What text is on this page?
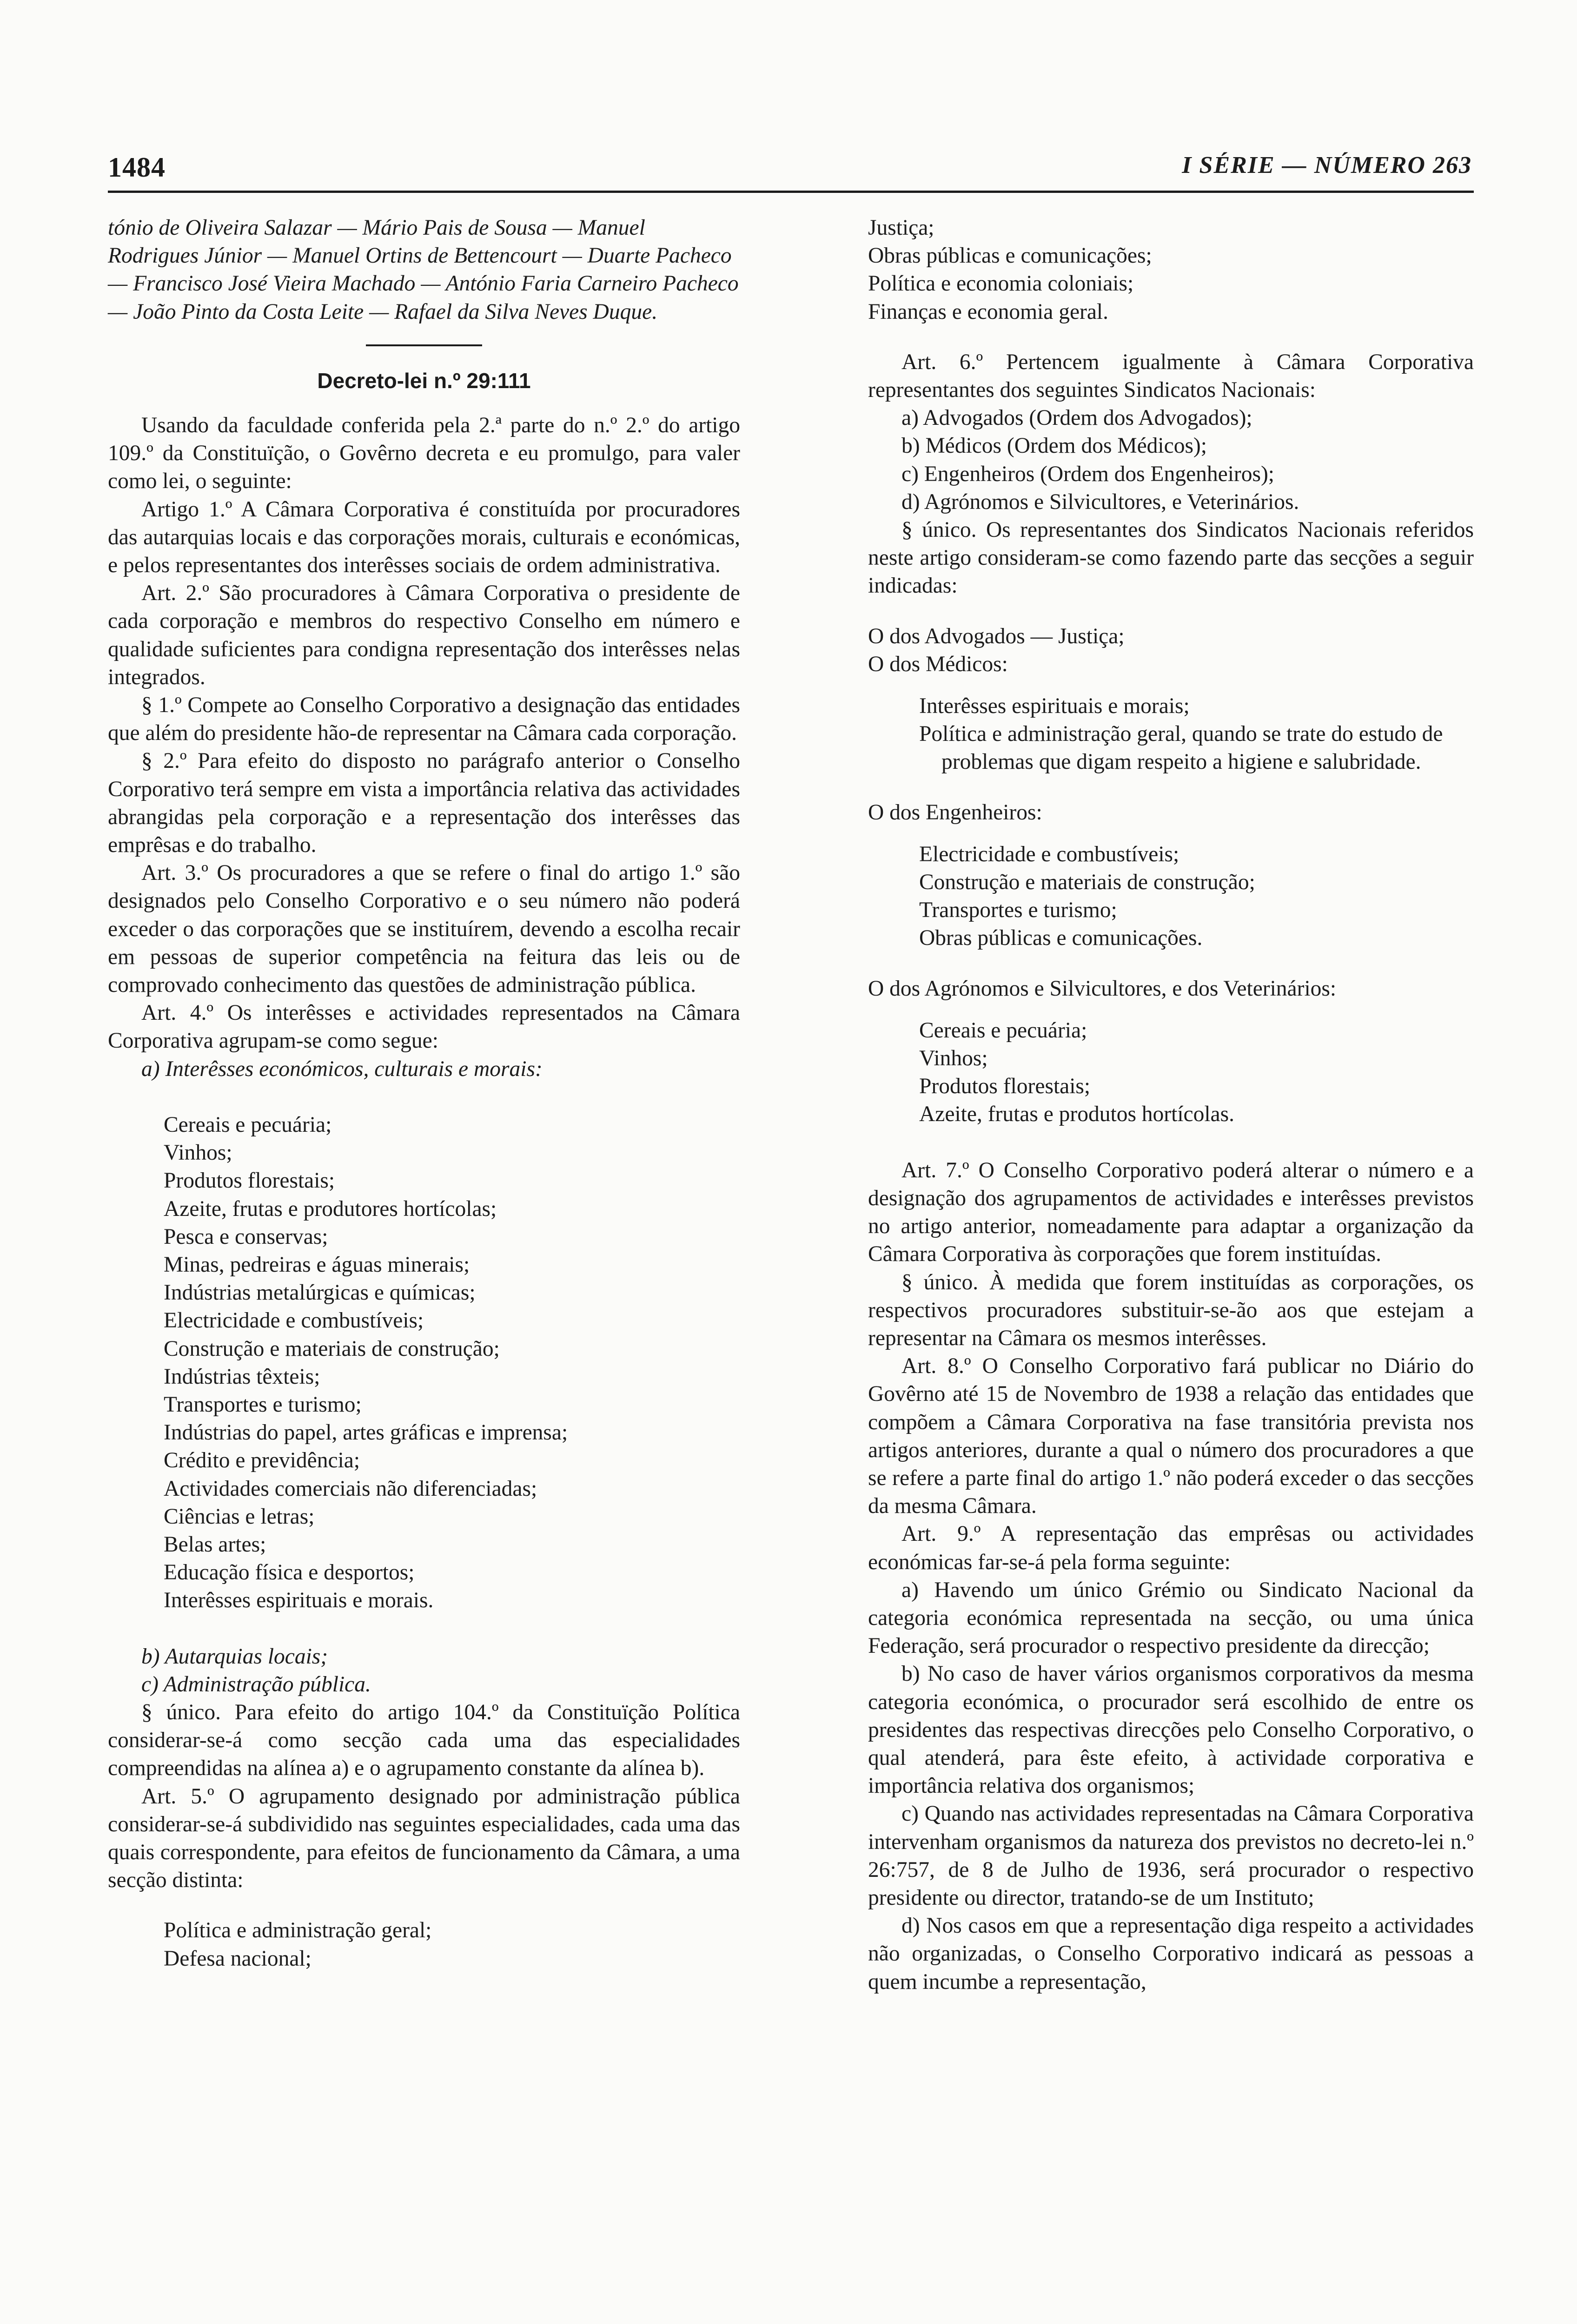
1484	I SÉRIE — NÚMERO 263

tónio de Oliveira Salazar — Mário Pais de Sousa — Manuel Rodrigues Júnior — Manuel Ortins de Bettencourt — Duarte Pacheco — Francisco José Vieira Machado — António Faria Carneiro Pacheco — João Pinto da Costa Leite — Rafael da Silva Neves Duque.

Decreto-lei n.º 29:111

Usando da faculdade conferida pela 2.ª parte do n.º 2.º do artigo 109.º da Constituïção, o Govêrno decreta e eu promulgo, para valer como lei, o seguinte:

Artigo 1.º A Câmara Corporativa é constituída por procuradores das autarquias locais e das corporações morais, culturais e económicas, e pelos representantes dos interêsses sociais de ordem administrativa.

Art. 2.º São procuradores à Câmara Corporativa o presidente de cada corporação e membros do respectivo Conselho em número e qualidade suficientes para condigna representação dos interêsses nelas integrados.

§ 1.º Compete ao Conselho Corporativo a designação das entidades que além do presidente hão-de representar na Câmara cada corporação.

§ 2.º Para efeito do disposto no parágrafo anterior o Conselho Corporativo terá sempre em vista a importância relativa das actividades abrangidas pela corporação e a representação dos interêsses das emprêsas e do trabalho.

Art. 3.º Os procuradores a que se refere o final do artigo 1.º são designados pelo Conselho Corporativo e o seu número não poderá exceder o das corporações que se instituírem, devendo a escolha recair em pessoas de superior competência na feitura das leis ou de comprovado conhecimento das questões de administração pública.

Art. 4.º Os interêsses e actividades representados na Câmara Corporativa agrupam-se como segue:

a) Interêsses económicos, culturais e morais:

Cereais e pecuária;
Vinhos;
Produtos florestais;
Azeite, frutas e produtores hortícolas;
Pesca e conservas;
Minas, pedreiras e águas minerais;
Indústrias metalúrgicas e químicas;
Electricidade e combustíveis;
Construção e materiais de construção;
Indústrias têxteis;
Transportes e turismo;
Indústrias do papel, artes gráficas e imprensa;
Crédito e previdência;
Actividades comerciais não diferenciadas;
Ciências e letras;
Belas artes;
Educação física e desportos;
Interêsses espirituais e morais.

b) Autarquias locais;

c) Administração pública.

§ único. Para efeito do artigo 104.º da Constituïção Política considerar-se-á como secção cada uma das especialidades compreendidas na alínea a) e o agrupamento constante da alínea b).

Art. 5.º O agrupamento designado por administração pública considerar-se-á subdividido nas seguintes especialidades, cada uma das quais correspondente, para efeitos de funcionamento da Câmara, a uma secção distinta:

Política e administração geral;
Defesa nacional;
Justiça;
Obras públicas e comunicações;
Política e economia coloniais;
Finanças e economia geral.

Art. 6.º Pertencem igualmente à Câmara Corporativa representantes dos seguintes Sindicatos Nacionais:

a) Advogados (Ordem dos Advogados);
b) Médicos (Ordem dos Médicos);
c) Engenheiros (Ordem dos Engenheiros);
d) Agrónomos e Silvicultores, e Veterinários.

§ único. Os representantes dos Sindicatos Nacionais referidos neste artigo consideram-se como fazendo parte das secções a seguir indicadas:

O dos Advogados — Justiça;

O dos Médicos:

Interêsses espirituais e morais;
Política e administração geral, quando se trate do estudo de problemas que digam respeito a higiene e salubridade.

O dos Engenheiros:

Electricidade e combustíveis;
Construção e materiais de construção;
Transportes e turismo;
Obras públicas e comunicações.

O dos Agrónomos e Silvicultores, e dos Veterinários:

Cereais e pecuária;
Vinhos;
Produtos florestais;
Azeite, frutas e produtos hortícolas.

Art. 7.º O Conselho Corporativo poderá alterar o número e a designação dos agrupamentos de actividades e interêsses previstos no artigo anterior, nomeadamente para adaptar a organização da Câmara Corporativa às corporações que forem instituídas.

§ único. À medida que forem instituídas as corporações, os respectivos procuradores substituir-se-ão aos que estejam a representar na Câmara os mesmos interêsses.

Art. 8.º O Conselho Corporativo fará publicar no Diário do Govêrno até 15 de Novembro de 1938 a relação das entidades que compõem a Câmara Corporativa na fase transitória prevista nos artigos anteriores, durante a qual o número dos procuradores a que se refere a parte final do artigo 1.º não poderá exceder o das secções da mesma Câmara.

Art. 9.º A representação das emprêsas ou actividades económicas far-se-á pela forma seguinte:

a) Havendo um único Grémio ou Sindicato Nacional da categoria económica representada na secção, ou uma única Federação, será procurador o respectivo presidente da direcção;

b) No caso de haver vários organismos corporativos da mesma categoria económica, o procurador será escolhido de entre os presidentes das respectivas direcções pelo Conselho Corporativo, o qual atenderá, para êste efeito, à actividade corporativa e importância relativa dos organismos;

c) Quando nas actividades representadas na Câmara Corporativa intervenham organismos da natureza dos previstos no decreto-lei n.º 26:757, de 8 de Julho de 1936, será procurador o respectivo presidente ou director, tratando-se de um Instituto;

d) Nos casos em que a representação diga respeito a actividades não organizadas, o Conselho Corporativo indicará as pessoas a quem incumbe a representação,
